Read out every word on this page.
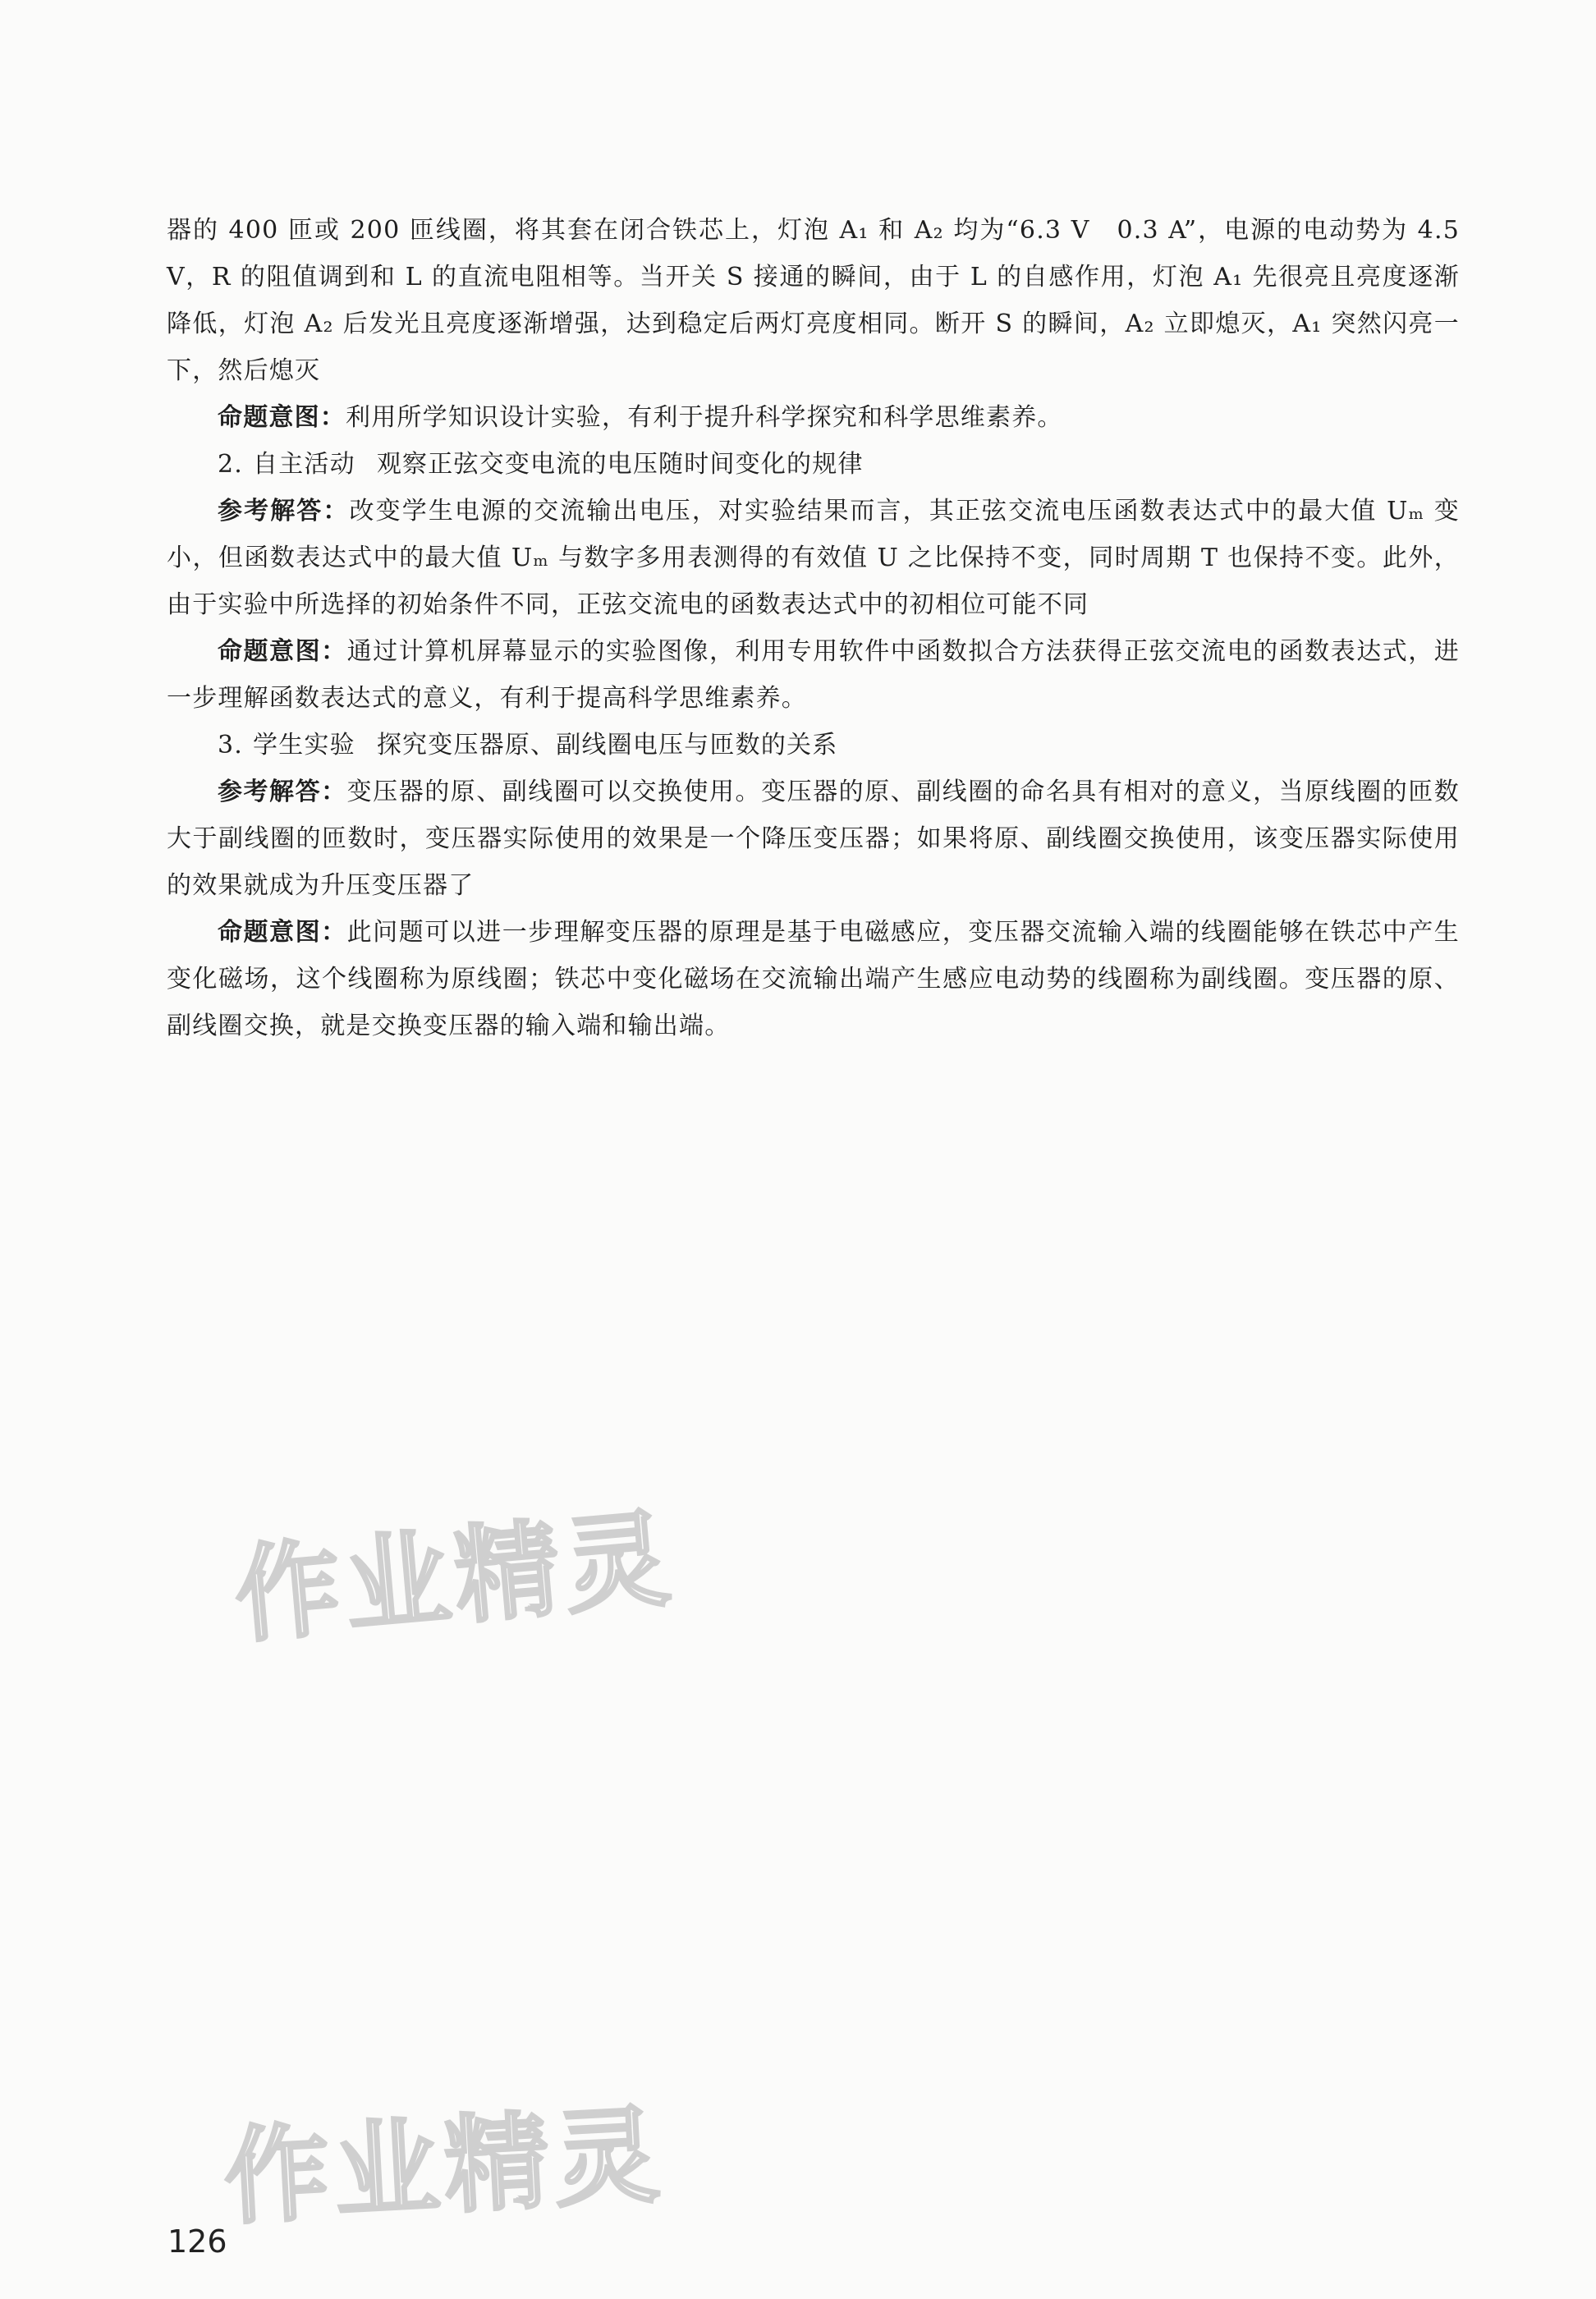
器的 400 匝或 200 匝线圈，将其套在闭合铁芯上，灯泡 A₁ 和 A₂ 均为“6.3 V　0.3 A”，电源的电动势为 4.5 V，R 的阻值调到和 L 的直流电阻相等。当开关 S 接通的瞬间，由于 L 的自感作用，灯泡 A₁ 先很亮且亮度逐渐降低，灯泡 A₂ 后发光且亮度逐渐增强，达到稳定后两灯亮度相同。断开 S 的瞬间，A₂ 立即熄灭，A₁ 突然闪亮一下，然后熄灭

命题意图：利用所学知识设计实验，有利于提升科学探究和科学思维素养。

2. 自主活动 观察正弦交变电流的电压随时间变化的规律

参考解答：改变学生电源的交流输出电压，对实验结果而言，其正弦交流电压函数表达式中的最大值 Uₘ 变小，但函数表达式中的最大值 Uₘ 与数字多用表测得的有效值 U 之比保持不变，同时周期 T 也保持不变。此外，由于实验中所选择的初始条件不同，正弦交流电的函数表达式中的初相位可能不同

命题意图：通过计算机屏幕显示的实验图像，利用专用软件中函数拟合方法获得正弦交流电的函数表达式，进一步理解函数表达式的意义，有利于提高科学思维素养。

3. 学生实验 探究变压器原、副线圈电压与匝数的关系

参考解答：变压器的原、副线圈可以交换使用。变压器的原、副线圈的命名具有相对的意义，当原线圈的匝数大于副线圈的匝数时，变压器实际使用的效果是一个降压变压器；如果将原、副线圈交换使用，该变压器实际使用的效果就成为升压变压器了

命题意图：此问题可以进一步理解变压器的原理是基于电磁感应，变压器交流输入端的线圈能够在铁芯中产生变化磁场，这个线圈称为原线圈；铁芯中变化磁场在交流输出端产生感应电动势的线圈称为副线圈。变压器的原、副线圈交换，就是交换变压器的输入端和输出端。

作业精灵
作业精灵
126
